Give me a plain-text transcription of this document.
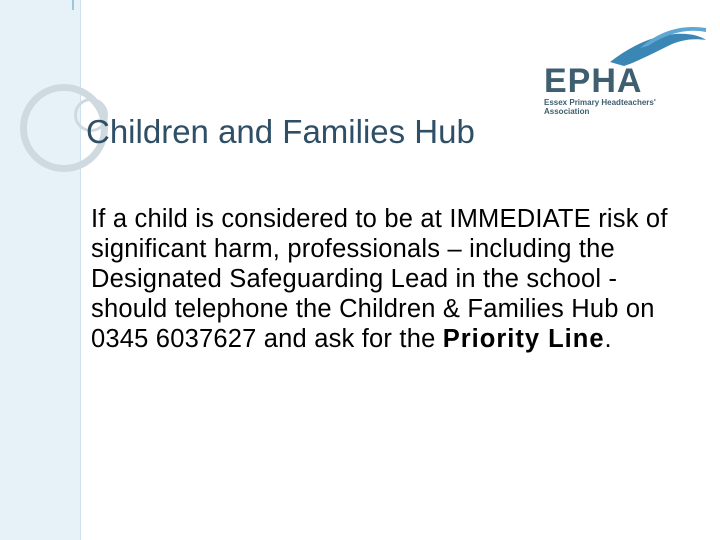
EPHA
Essex Primary Headteachers'
Association
Children and Families Hub
If a child is considered to be at IMMEDIATE risk of significant harm, professionals – including the Designated Safeguarding Lead in the school - should telephone the Children & Families Hub on 0345 6037627 and ask for the Priority Line.
